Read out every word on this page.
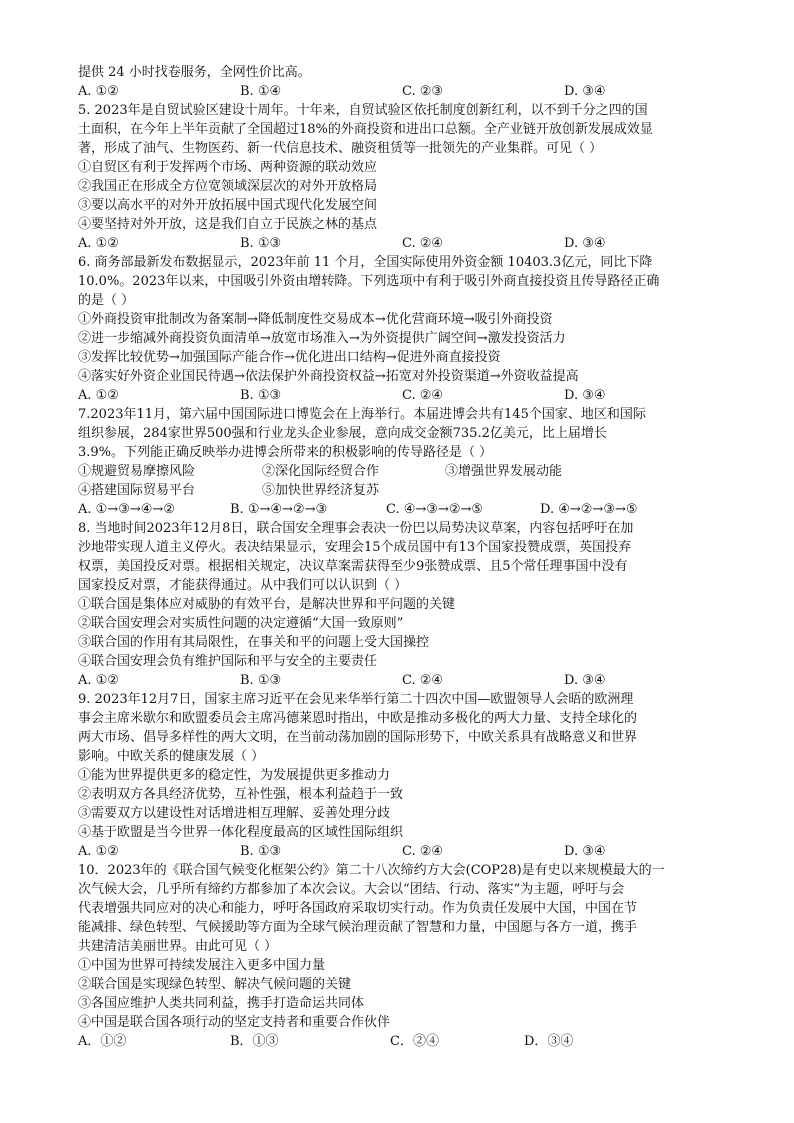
提供 24 小时找卷服务，全网性价比高。
A. ①②	B. ①④	C. ②③	D. ③④
5. 2023年是自贸试验区建设十周年。十年来，自贸试验区依托制度创新红利，以不到千分之四的国
土面积，在今年上半年贡献了全国超过18%的外商投资和进出口总额。全产业链开放创新发展成效显
著，形成了油气、生物医药、新一代信息技术、融资租赁等一批领先的产业集群。可见（ ）
①自贸区有利于发挥两个市场、两种资源的联动效应
②我国正在形成全方位宽领域深层次的对外开放格局
③要以高水平的对外开放拓展中国式现代化发展空间
④要坚持对外开放，这是我们自立于民族之林的基点
A. ①②	B. ①③	C. ②④	D. ③④
6. 商务部最新发布数据显示，2023年前 11 个月，全国实际使用外资金额 10403.3亿元，同比下降
10.0%。2023年以来，中国吸引外资由增转降。下列选项中有利于吸引外商直接投资且传导路径正确
的是（ ）
①外商投资审批制改为备案制→降低制度性交易成本→优化营商环境→吸引外商投资
②进一步缩减外商投资负面清单→放宽市场准入→为外资提供广阔空间→激发投资活力
③发挥比较优势→加强国际产能合作→优化进出口结构→促进外商直接投资
④落实好外资企业国民待遇→依法保护外商投资权益→拓宽对外投资渠道→外资收益提高
A. ①②	B. ①③	C. ②④	D. ③④
7.2023年11月，第六届中国国际进口博览会在上海举行。本届进博会共有145个国家、地区和国际
组织参展，284家世界500强和行业龙头企业参展，意向成交金额735.2亿美元，比上届增长
3.9%。下列能正确反映举办进博会所带来的积极影响的传导路径是（ ）
①规避贸易摩擦风险	②深化国际经贸合作	③增强世界发展动能
④搭建国际贸易平台	⑤加快世界经济复苏
A. ①→③→④→②	B. ①→④→②→③	C. ④→③→②→⑤	D. ④→②→③→⑤
8. 当地时间2023年12月8日，联合国安全理事会表决一份巴以局势决议草案，内容包括呼吁在加
沙地带实现人道主义停火。表决结果显示，安理会15个成员国中有13个国家投赞成票，英国投弃
权票，美国投反对票。根据相关规定，决议草案需获得至少9张赞成票、且5个常任理事国中没有
国家投反对票，才能获得通过。从中我们可以认识到（ ）
①联合国是集体应对威胁的有效平台，是解决世界和平问题的关键
②联合国安理会对实质性问题的决定遵循“大国一致原则”
③联合国的作用有其局限性，在事关和平的问题上受大国操控
④联合国安理会负有维护国际和平与安全的主要责任
A. ①②	B. ①③	C. ②④	D. ③④
9. 2023年12月7日，国家主席习近平在会见来华举行第二十四次中国—欧盟领导人会晤的欧洲理
事会主席米歇尔和欧盟委员会主席冯德莱恩时指出，中欧是推动多极化的两大力量、支持全球化的
两大市场、倡导多样性的两大文明，在当前动荡加剧的国际形势下，中欧关系具有战略意义和世界
影响。中欧关系的健康发展（ ）
①能为世界提供更多的稳定性，为发展提供更多推动力
②表明双方各具经济优势，互补性强，根本利益趋于一致
③需要双方以建设性对话增进相互理解、妥善处理分歧
④基于欧盟是当今世界一体化程度最高的区域性国际组织
A. ①②	B. ①③	C. ②④	D. ③④
10．2023年的《联合国气候变化框架公约》第二十八次缔约方大会(COP28)是有史以来规模最大的一
次气候大会，几乎所有缔约方都参加了本次会议。大会以“团结、行动、落实”为主题，呼吁与会
代表增强共同应对的决心和能力，呼吁各国政府采取切实行动。作为负责任发展中大国，中国在节
能减排、绿色转型、气候援助等方面为全球气候治理贡献了智慧和力量，中国愿与各方一道，携手
共建清洁美丽世界。由此可见（ ）
①中国为世界可持续发展注入更多中国力量
②联合国是实现绿色转型、解决气候问题的关键
③各国应维护人类共同利益，携手打造命运共同体
④中国是联合国各项行动的坚定支持者和重要合作伙伴
A．①②	B．①③	C．②④	D．③④
